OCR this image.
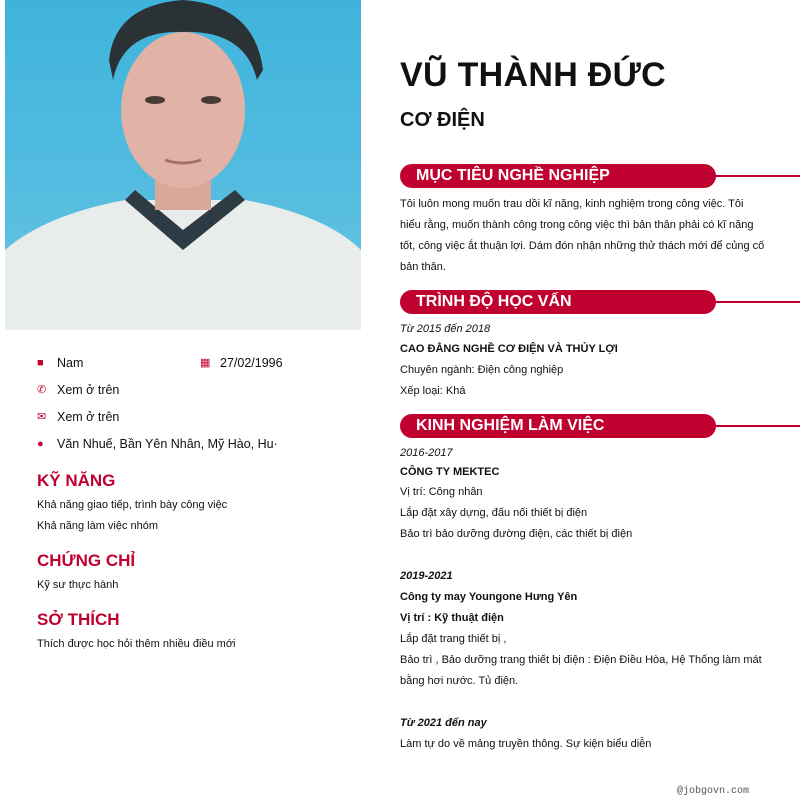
■	Nam	▦ 27/02/1996
✆ Xem ở trên
✉ Xem ở trên
●	Văn Nhuế, Bần Yên Nhân, Mỹ Hào, Hu·
KỸ NĂNG
Khả năng giao tiếp, trình bày công việc
Khả năng làm việc nhóm
CHỨNG CHỈ
Kỹ sư thực hành
SỞ THÍCH
Thích được học hỏi thêm nhiều điều mới
VŨ THÀNH ĐỨC
CƠ ĐIỆN
MỤC TIÊU NGHỀ NGHIỆP
Tôi luôn mong muốn trau dồi kĩ năng, kinh nghiệm trong công việc. Tôi hiểu rằng, muốn thành công trong công việc thì bản thân phải có kĩ năng tốt, công việc ắt thuận lợi. Dám đón nhận những thử thách mới để củng cố bản thân.
TRÌNH ĐỘ HỌC VẤN
Từ 2015 đến 2018
CAO ĐẲNG NGHỀ CƠ ĐIỆN VÀ THỦY LỢI
Chuyên ngành: Điện công nghiệp
Xếp loại: Khá
KINH NGHIỆM LÀM VIỆC
2016-2017
CÔNG TY MEKTEC
Vị trí: Công nhân
Lắp đặt xây dựng, đấu nối thiết bị điện
Bảo trì bảo dưỡng đường điện, các thiết bị điện
2019-2021
Công ty may Youngone Hưng Yên
Vị trí : Kỹ thuật điện
Lắp đặt trang thiết bị ,
Bảo trì , Bảo dưỡng trang thiết bị điện : Điện Điều Hòa, Hệ Thống làm mát bằng hơi nước. Tủ điện.
Từ 2021 đến nay
Làm tự do về mảng truyền thông. Sự kiện biểu diễn
@jobgovn.com
